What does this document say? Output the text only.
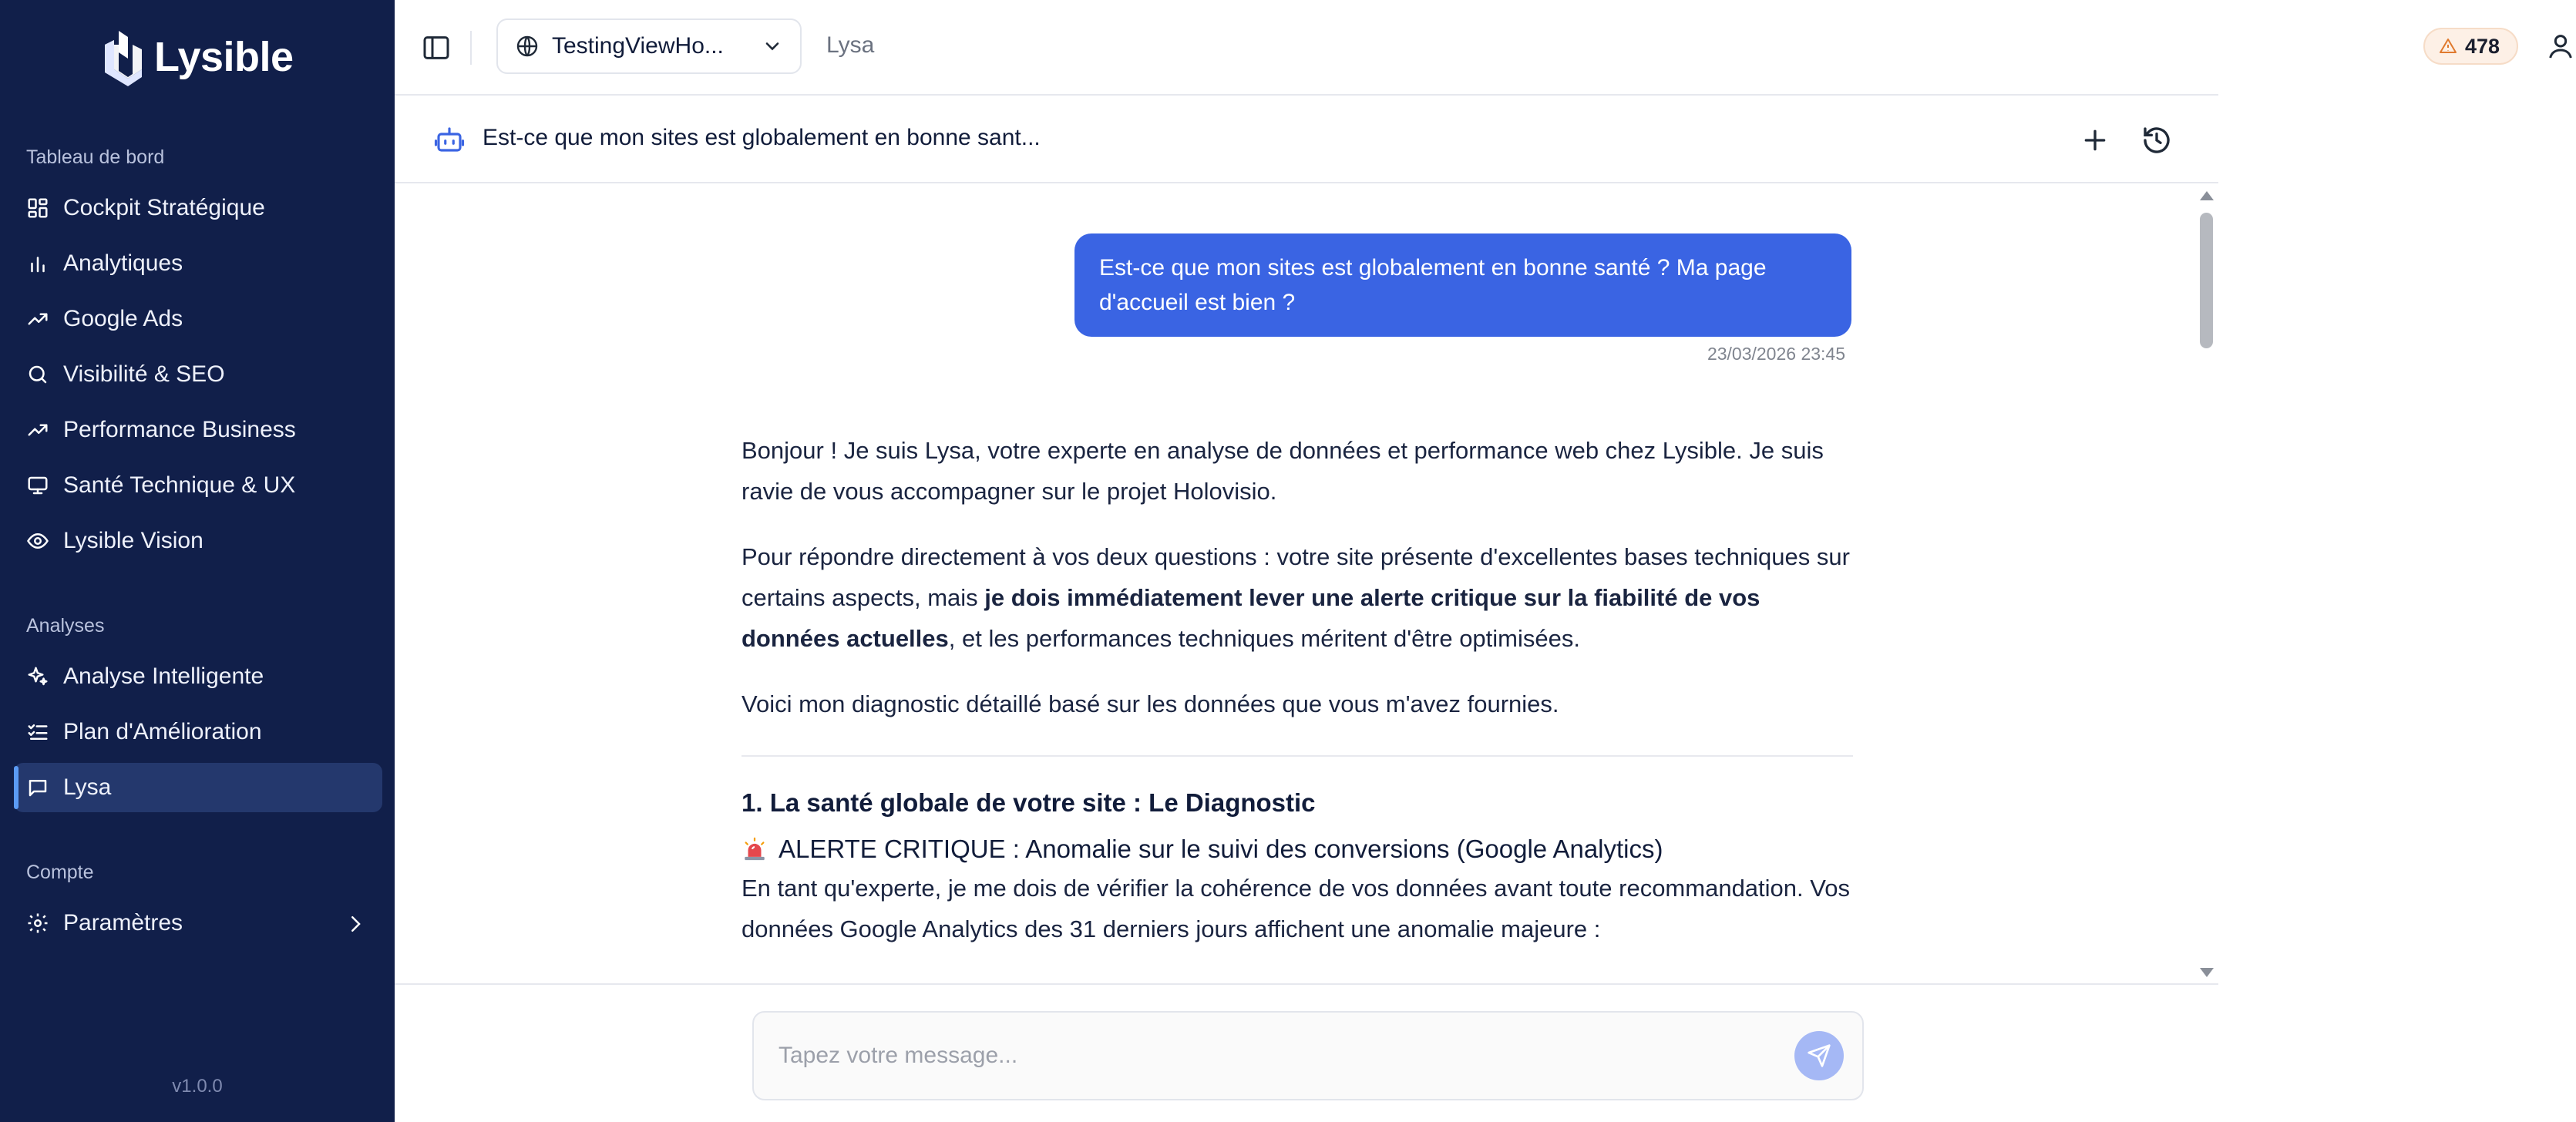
Lysible
Tableau de bord
Cockpit Stratégique
Analytiques
Google Ads
Visibilité & SEO
Performance Business
Santé Technique & UX
Lysible Vision
Analyses
Analyse Intelligente
Plan d'Amélioration
Lysa
Compte
Paramètres
v1.0.0
TestingViewHo...	Lysa	478
Est-ce que mon sites est globalement en bonne sant...
Est-ce que mon sites est globalement en bonne santé ? Ma page d'accueil est bien ?
23/03/2026 23:45

Bonjour ! Je suis Lysa, votre experte en analyse de données et performance web chez Lysible. Je suis ravie de vous accompagner sur le projet Holovisio.

Pour répondre directement à vos deux questions : votre site présente d'excellentes bases techniques sur certains aspects, mais je dois immédiatement lever une alerte critique sur la fiabilité de vos données actuelles, et les performances techniques méritent d'être optimisées.

Voici mon diagnostic détaillé basé sur les données que vous m'avez fournies.

1. La santé globale de votre site : Le Diagnostic
ALERTE CRITIQUE : Anomalie sur le suivi des conversions (Google Analytics)

En tant qu'experte, je me dois de vérifier la cohérence de vos données avant toute recommandation. Vos données Google Analytics des 31 derniers jours affichent une anomalie majeure :

Tapez votre message...
